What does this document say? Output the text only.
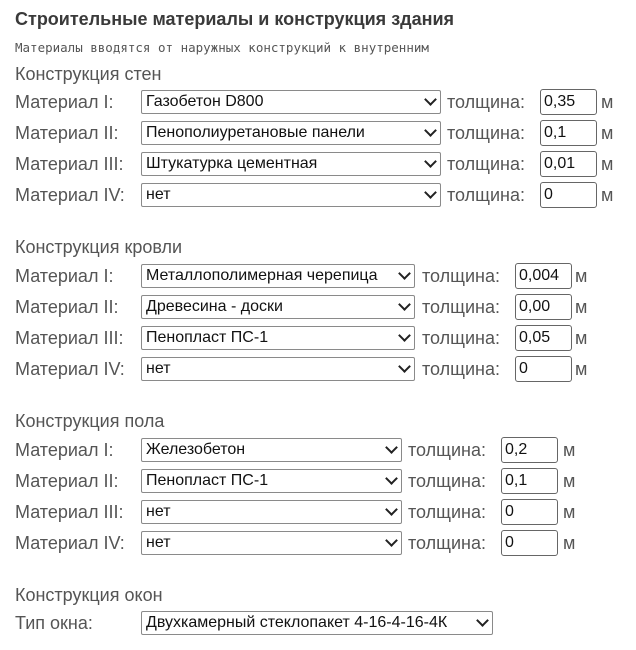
Строительные материалы и конструкция здания
Материалы вводятся от наружных конструкций к внутренним
Конструкция стен
Материал I:	Газобетон D800	толщина: 0,35	м
Материал II:	Пенополиуретановые панели	толщина: 0,1	м
Материал III:	Штукатурка цементная	толщина: 0,01	м
Материал IV:	нет	толщина: 0	м
Конструкция кровли
Материал I:	Металлополимерная черепица	толщина: 0,004 м
Материал II:	Древесина - доски	толщина: 0,00	м
Материал III:	Пенопласт ПС-1	толщина: 0,05	м
Материал IV:	нет	толщина: 0	м
Конструкция пола
Материал I:	Железобетон	толщина: 0,2	м
Материал II:	Пенопласт ПС-1	толщина: 0,1	м
Материал III:	нет	толщина: 0	м
Материал IV:	нет	толщина: 0	м
Конструкция окон
Тип окна:	Двухкамерный стеклопакет 4-16-4-16-4К
